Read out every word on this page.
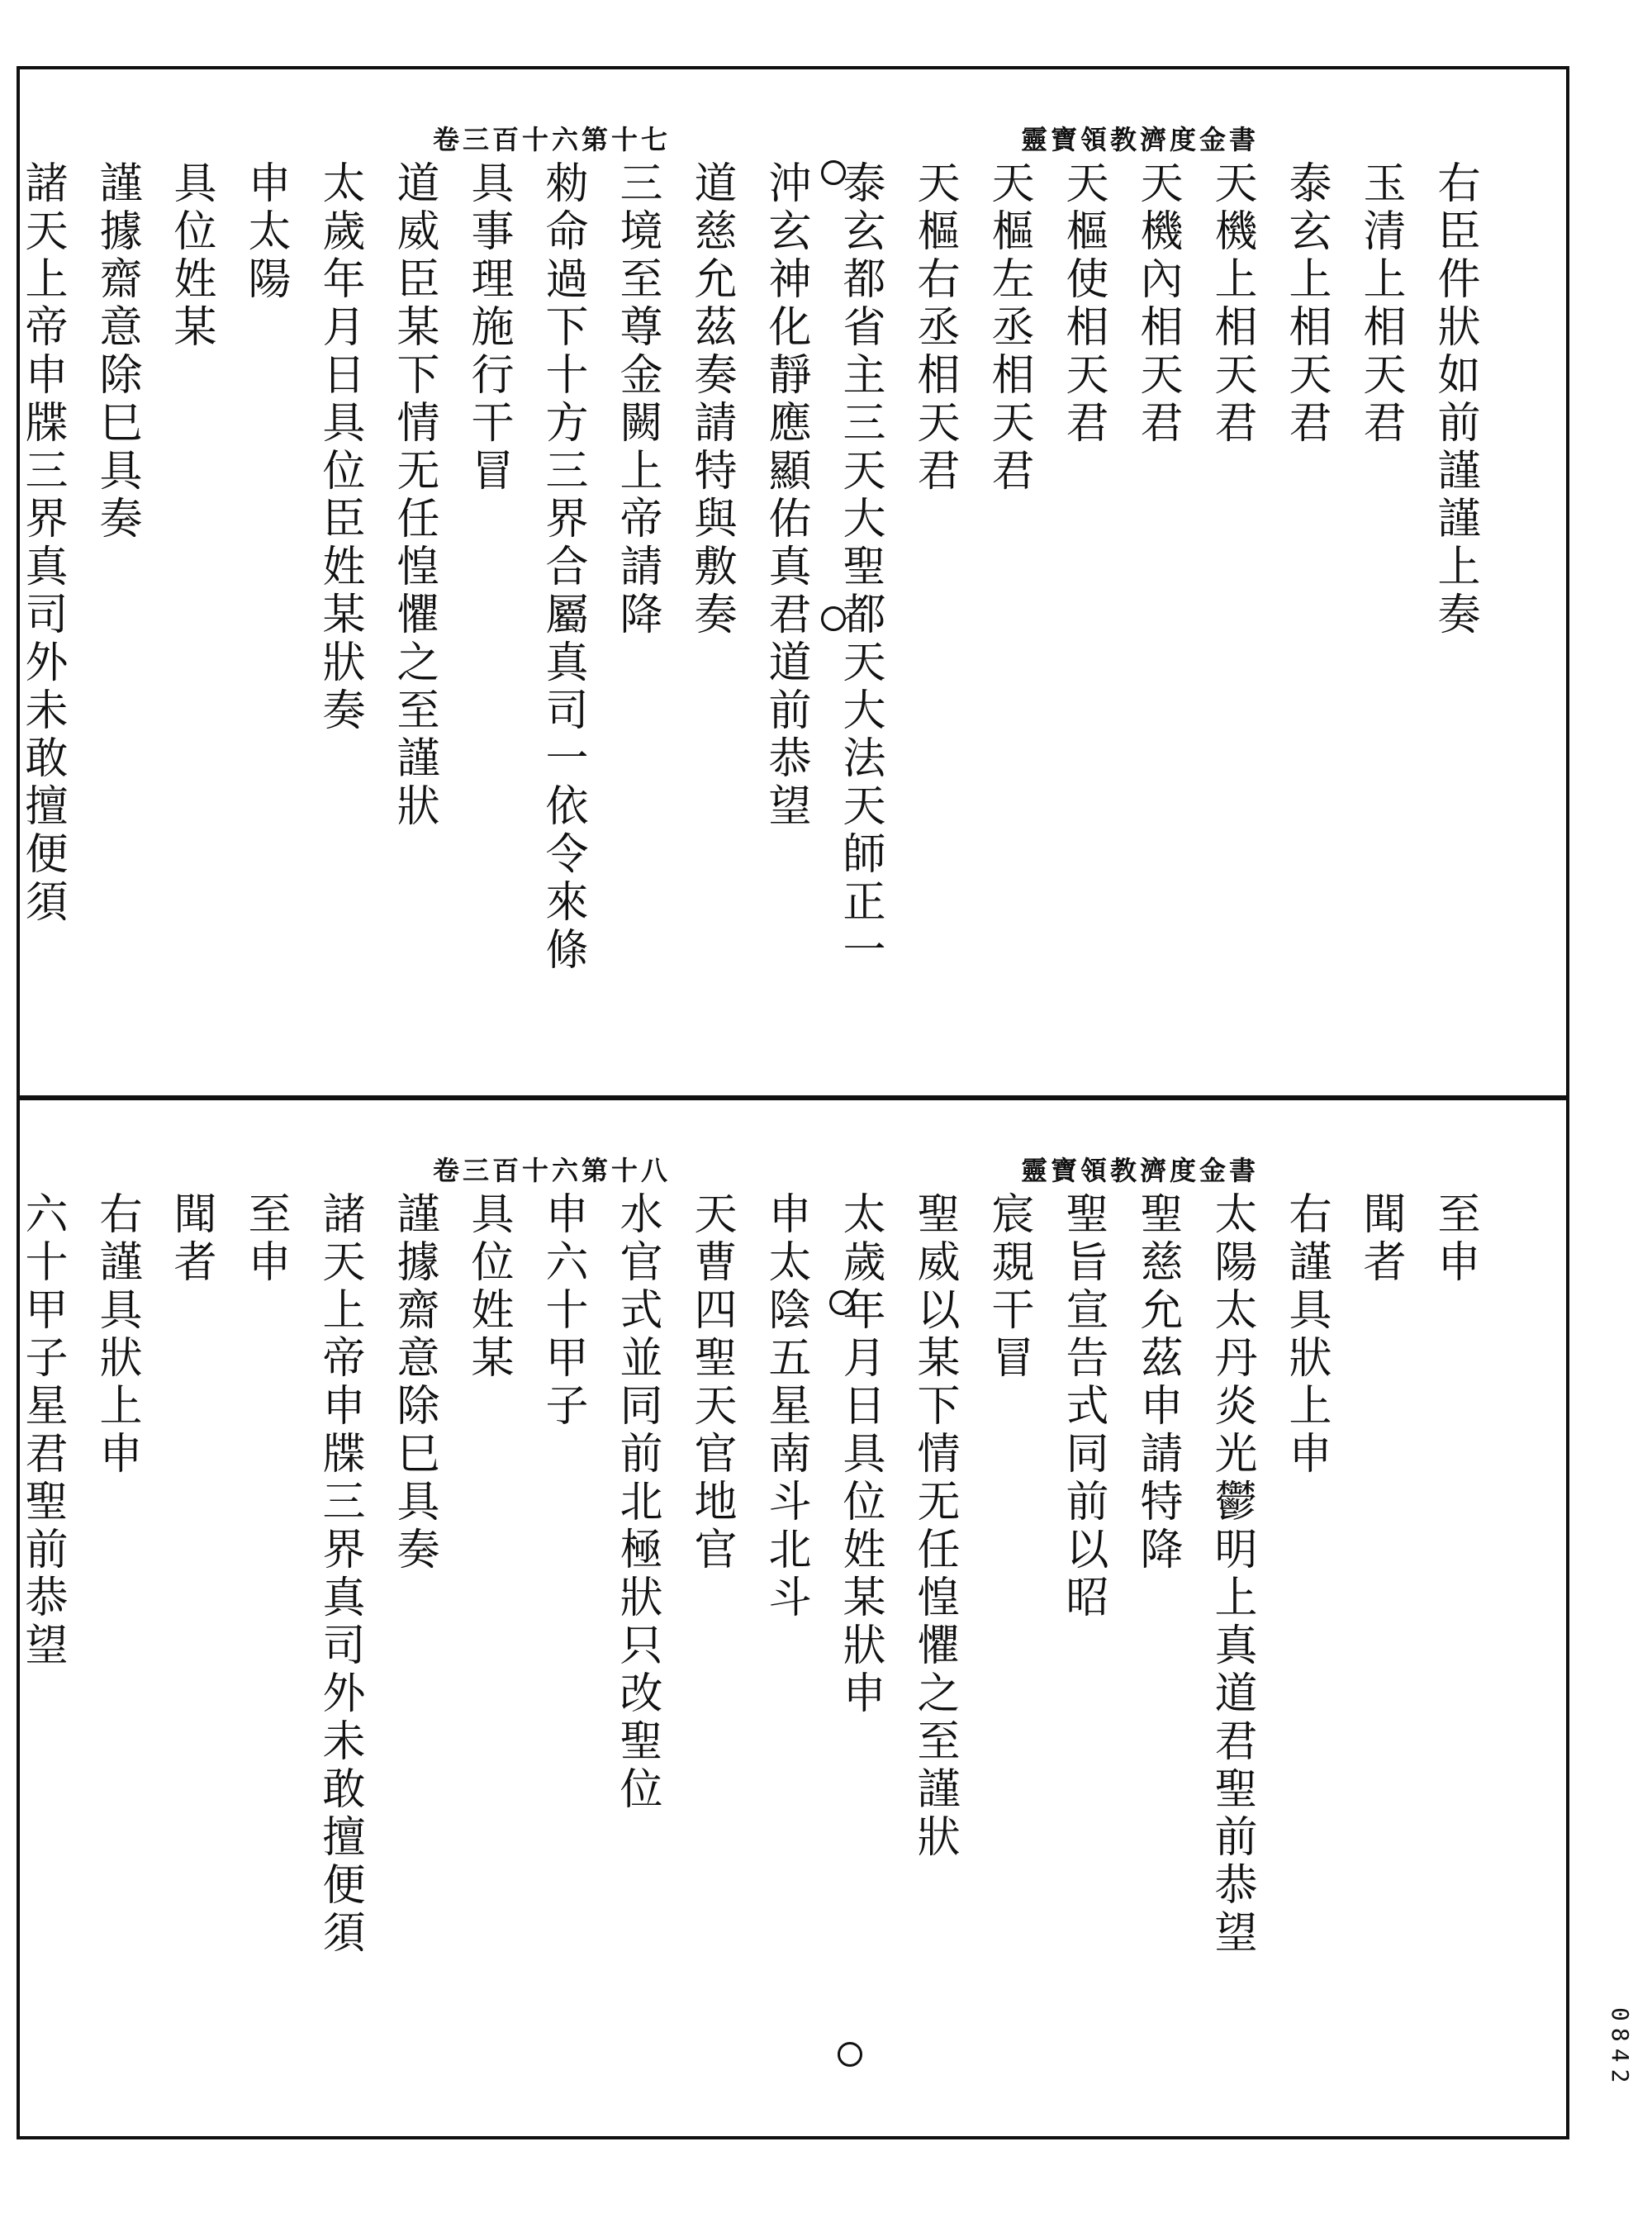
卷三百十六第十七	靈寶領教濟度金書
右臣件狀如前謹謹上奏
玉清上相天君
泰玄上相天君
天機上相天君
天機內相天君
天樞使相天君
天樞左丞相天君
天樞右丞相天君
泰玄都省主三天大聖都天大法天師正一
沖玄神化靜應顯佑真君道前恭望
道慈允茲奏請特與敷奏
三境至尊金闕上帝請降
勑命過下十方三界合屬真司一依令來條
具事理施行干冒
道威臣某下情无任惶懼之至謹狀
太歲年月日具位臣姓某狀奏
申太陽
具位姓某
謹據齋意除巳具奏
諸天上帝申牒三界真司外未敢擅便須
卷三百十六第十八	靈寶領教濟度金書
至申
聞者
右謹具狀上申
太陽太丹炎光鬱明上真道君聖前恭望
聖慈允茲申請特降
聖旨宣告式同前以昭
宸覝干冒
聖威以某下情无任惶懼之至謹狀
太歲年月日具位姓某狀申
申太陰五星南斗北斗
天曹四聖天官地官
水官式並同前北極狀只改聖位
申六十甲子
具位姓某
謹據齋意除巳具奏
諸天上帝申牒三界真司外未敢擅便須
至申
聞者
右謹具狀上申
六十甲子星君聖前恭望
0842
